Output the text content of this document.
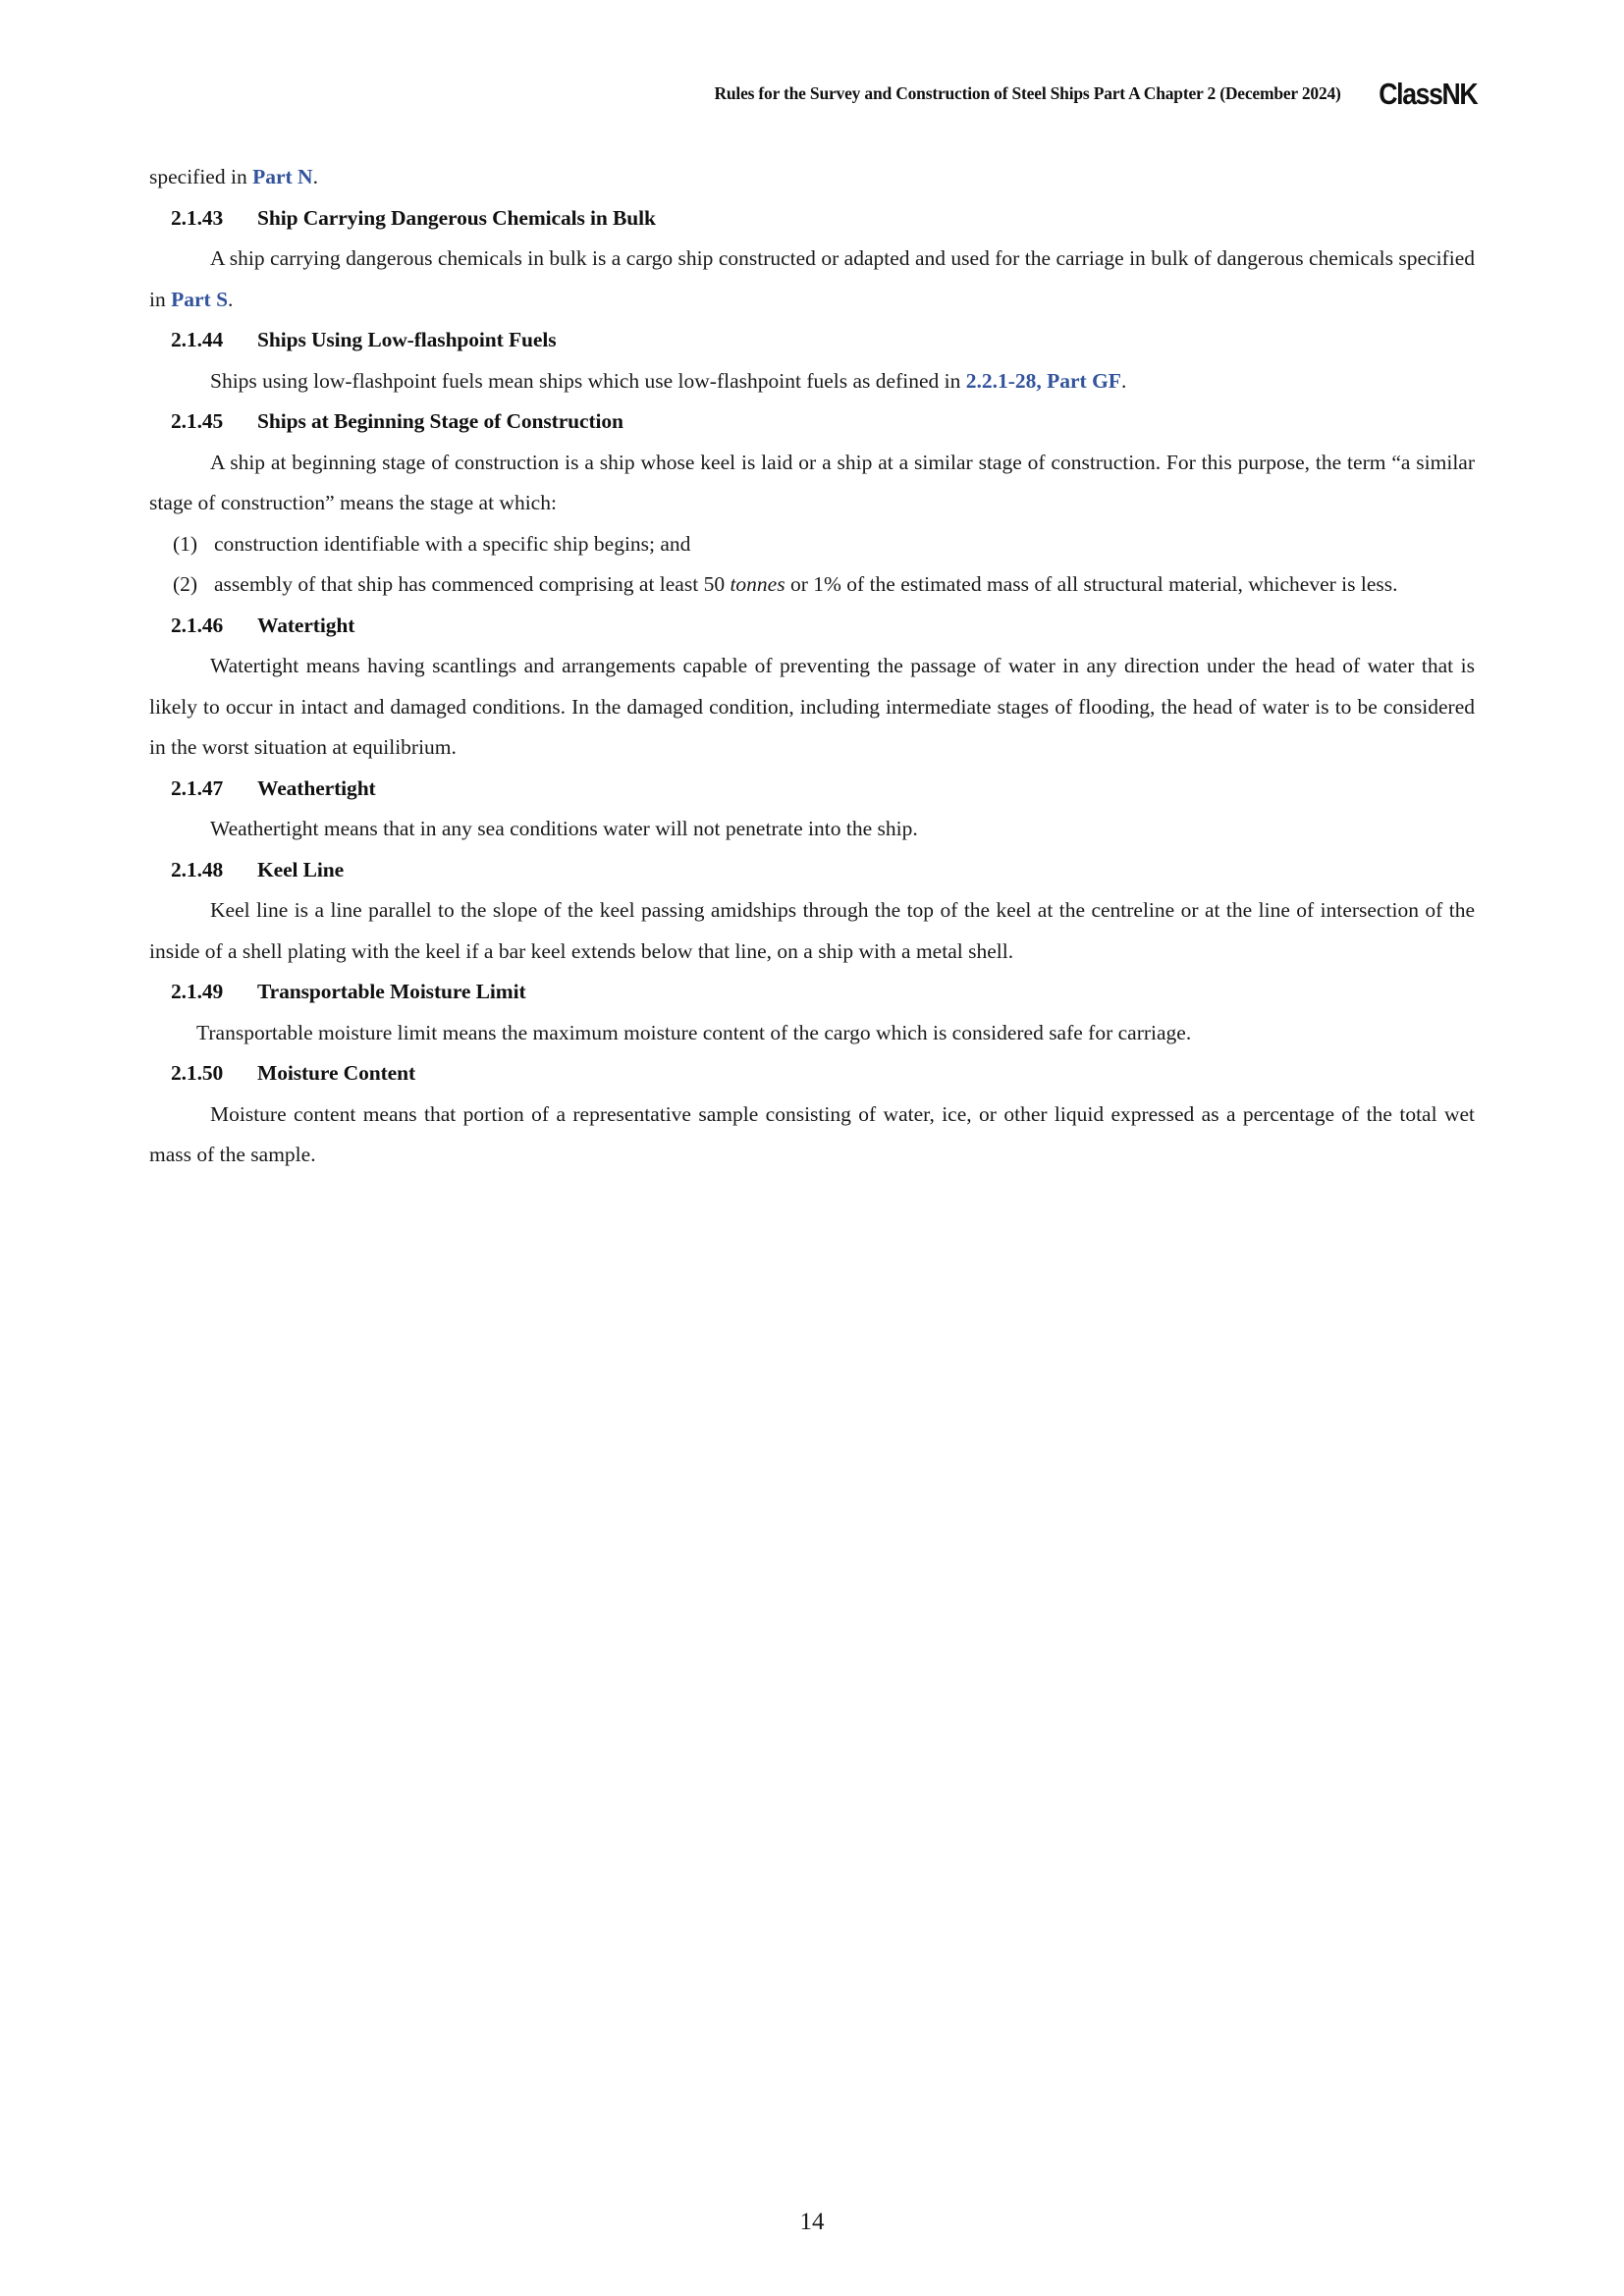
Rules for the Survey and Construction of Steel Ships Part A Chapter 2 (December 2024) ClassNK

specified in Part N.

2.1.43	Ship Carrying Dangerous Chemicals in Bulk

A ship carrying dangerous chemicals in bulk is a cargo ship constructed or adapted and used for the carriage in bulk of dangerous chemicals specified in Part S.

2.1.44	Ships Using Low-flashpoint Fuels

Ships using low-flashpoint fuels mean ships which use low-flashpoint fuels as defined in 2.2.1-28, Part GF.

2.1.45	Ships at Beginning Stage of Construction

A ship at beginning stage of construction is a ship whose keel is laid or a ship at a similar stage of construction. For this purpose, the term “a similar stage of construction” means the stage at which:

(1) construction identifiable with a specific ship begins; and
(2) assembly of that ship has commenced comprising at least 50 tonnes or 1% of the estimated mass of all structural material, whichever is less.
2.1.46	Watertight

Watertight means having scantlings and arrangements capable of preventing the passage of water in any direction under the head of water that is likely to occur in intact and damaged conditions. In the damaged condition, including intermediate stages of flooding, the head of water is to be considered in the worst situation at equilibrium.

2.1.47	Weathertight

Weathertight means that in any sea conditions water will not penetrate into the ship.

2.1.48	Keel Line

Keel line is a line parallel to the slope of the keel passing amidships through the top of the keel at the centreline or at the line of intersection of the inside of a shell plating with the keel if a bar keel extends below that line, on a ship with a metal shell.

2.1.49	Transportable Moisture Limit

Transportable moisture limit means the maximum moisture content of the cargo which is considered safe for carriage.

2.1.50	Moisture Content

Moisture content means that portion of a representative sample consisting of water, ice, or other liquid expressed as a percentage of the total wet mass of the sample.

14
